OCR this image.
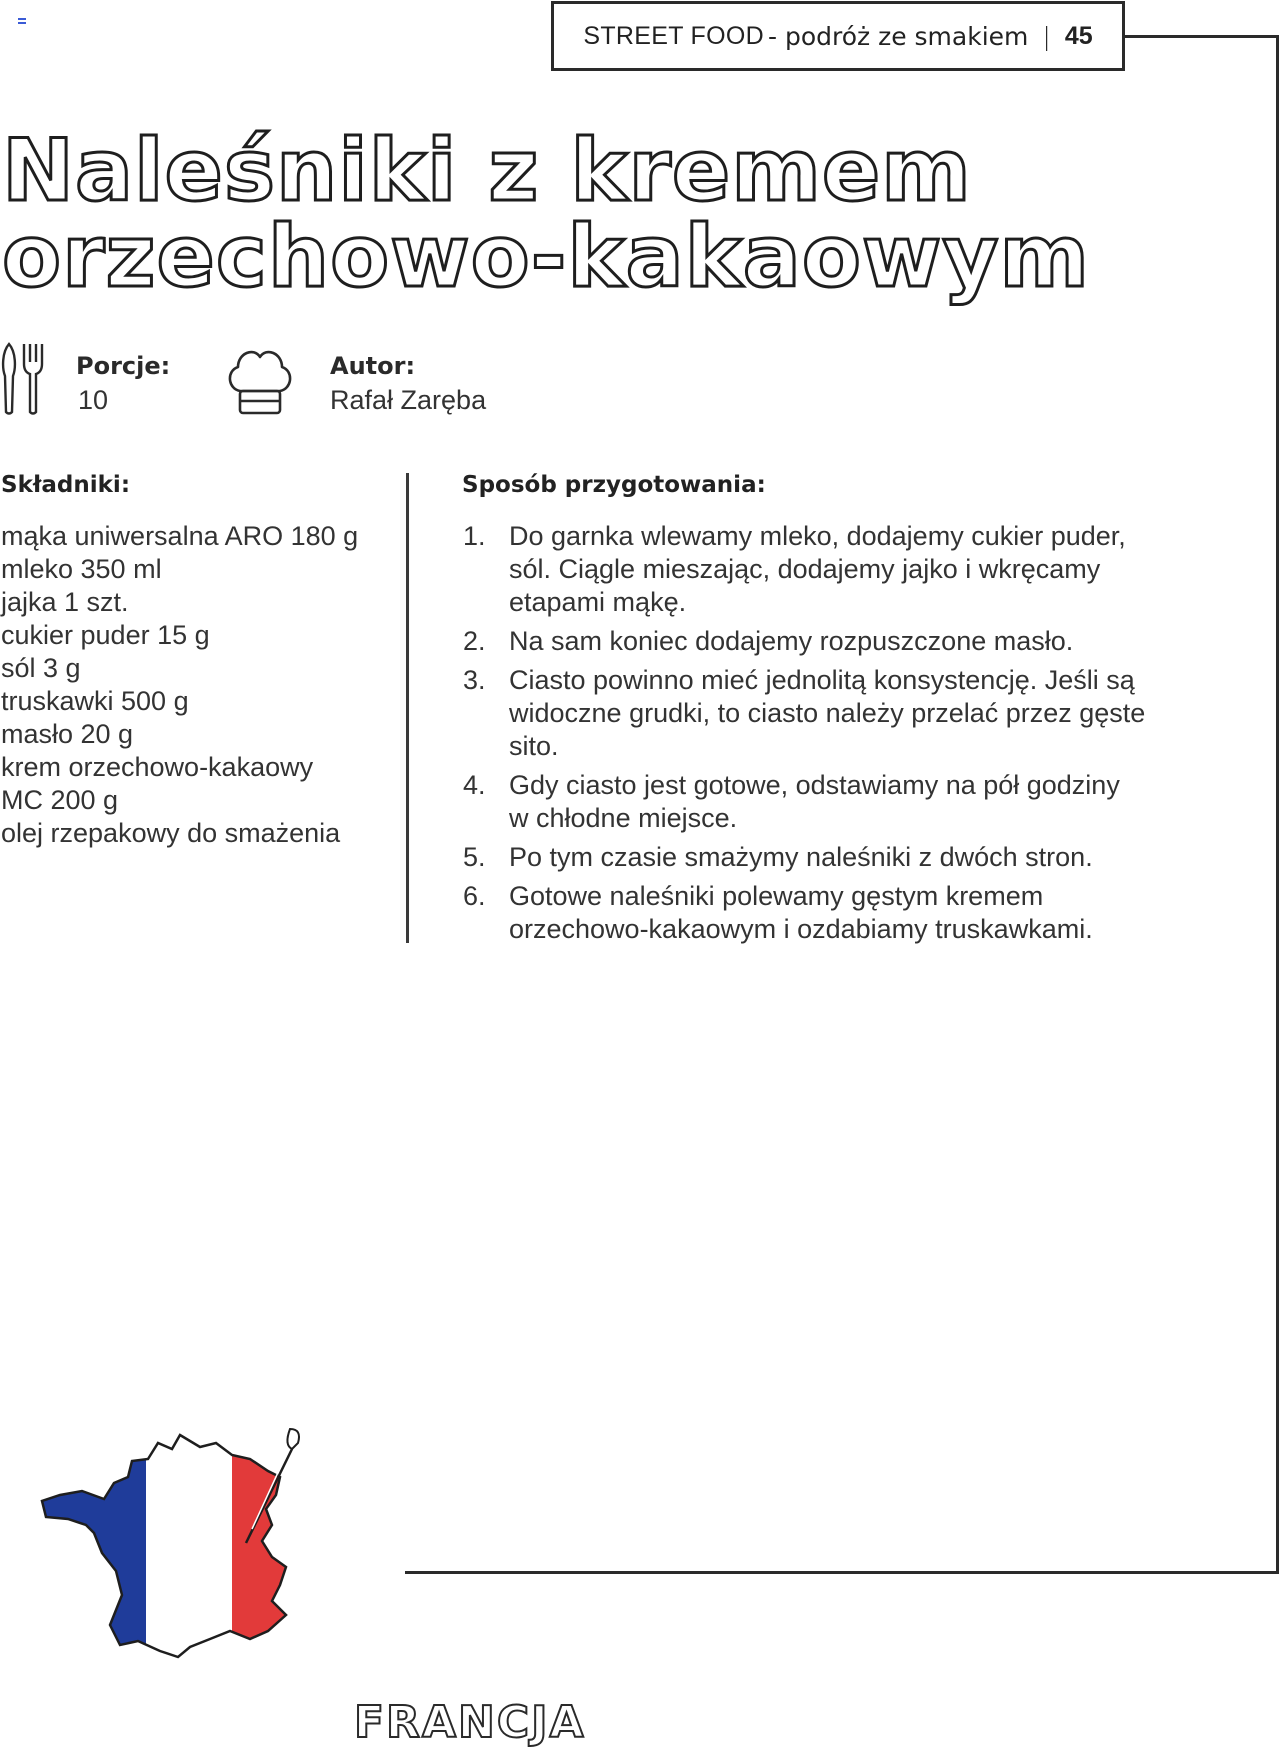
STREET FOOD - podróż ze smakiem | 45
Naleśniki z kremem
orzechowo-kakaowym
Porcje:
10
Autor:
Rafał Zaręba
Składniki:
mąka uniwersalna ARO 180 g
mleko 350 ml
jajka 1 szt.
cukier puder 15 g
sól 3 g
truskawki 500 g
masło 20 g
krem orzechowo-kakaowy
MC 200 g
olej rzepakowy do smażenia
Sposób przygotowania:
1. Do garnka wlewamy mleko, dodajemy cukier puder,
sól. Ciągle mieszając, dodajemy jajko i wkręcamy
etapami mąkę.
2. Na sam koniec dodajemy rozpuszczone masło.
3. Ciasto powinno mieć jednolitą konsystencję. Jeśli są
widoczne grudki, to ciasto należy przelać przez gęste
sito.
4. Gdy ciasto jest gotowe, odstawiamy na pół godziny
w chłodne miejsce.
5. Po tym czasie smażymy naleśniki z dwóch stron.
6. Gotowe naleśniki polewamy gęstym kremem
orzechowo-kakaowym i ozdabiamy truskawkami.
FRANCJA
